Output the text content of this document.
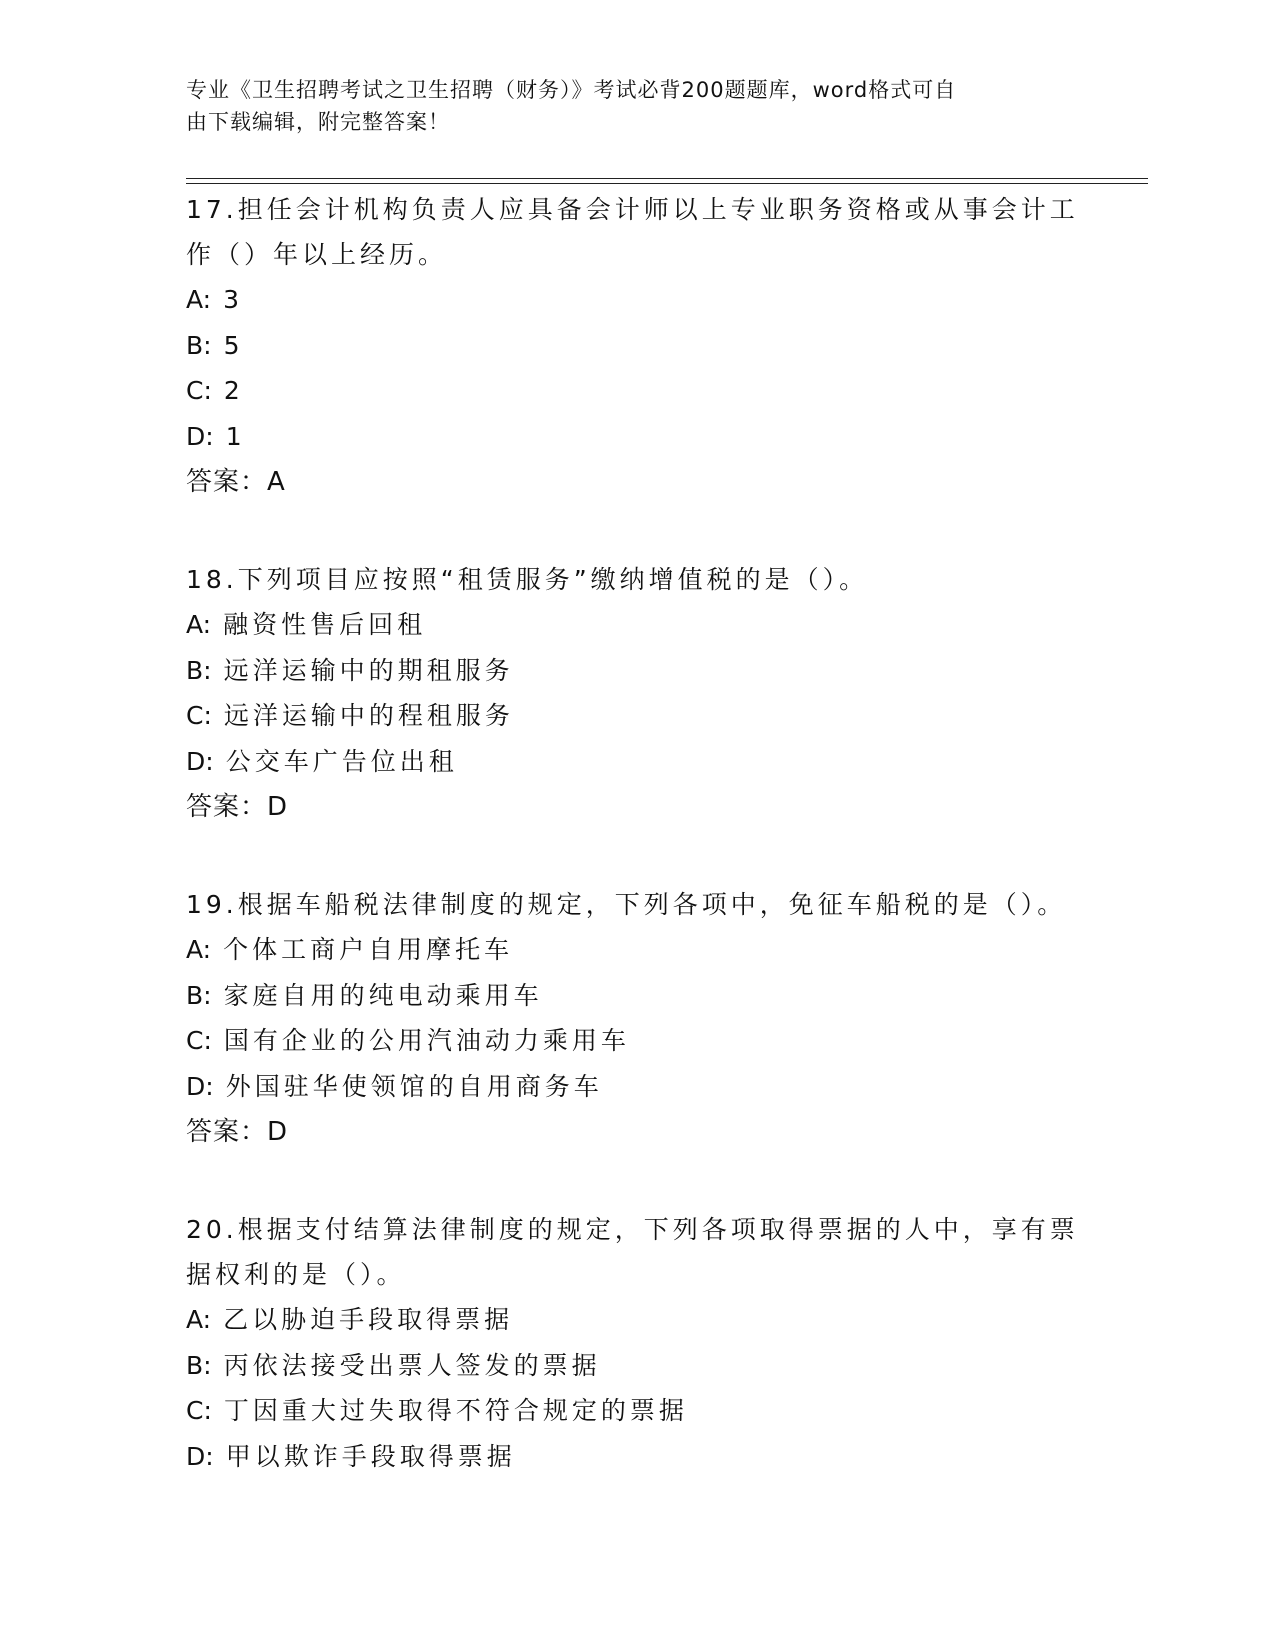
专业《卫生招聘考试之卫生招聘（财务）》考试必背200题题库，word格式可自
由下载编辑，附完整答案！
17.担任会计机构负责人应具备会计师以上专业职务资格或从事会计工
作（）年以上经历。
A: 3
B: 5
C: 2
D: 1
答案：A
18.下列项目应按照“租赁服务”缴纳增值税的是（）。
A: 融资性售后回租
B: 远洋运输中的期租服务
C: 远洋运输中的程租服务
D: 公交车广告位出租
答案：D
19.根据车船税法律制度的规定，下列各项中，免征车船税的是（）。
A: 个体工商户自用摩托车
B: 家庭自用的纯电动乘用车
C: 国有企业的公用汽油动力乘用车
D: 外国驻华使领馆的自用商务车
答案：D
20.根据支付结算法律制度的规定，下列各项取得票据的人中，享有票
据权利的是（）。
A: 乙以胁迫手段取得票据
B: 丙依法接受出票人签发的票据
C: 丁因重大过失取得不符合规定的票据
D: 甲以欺诈手段取得票据
